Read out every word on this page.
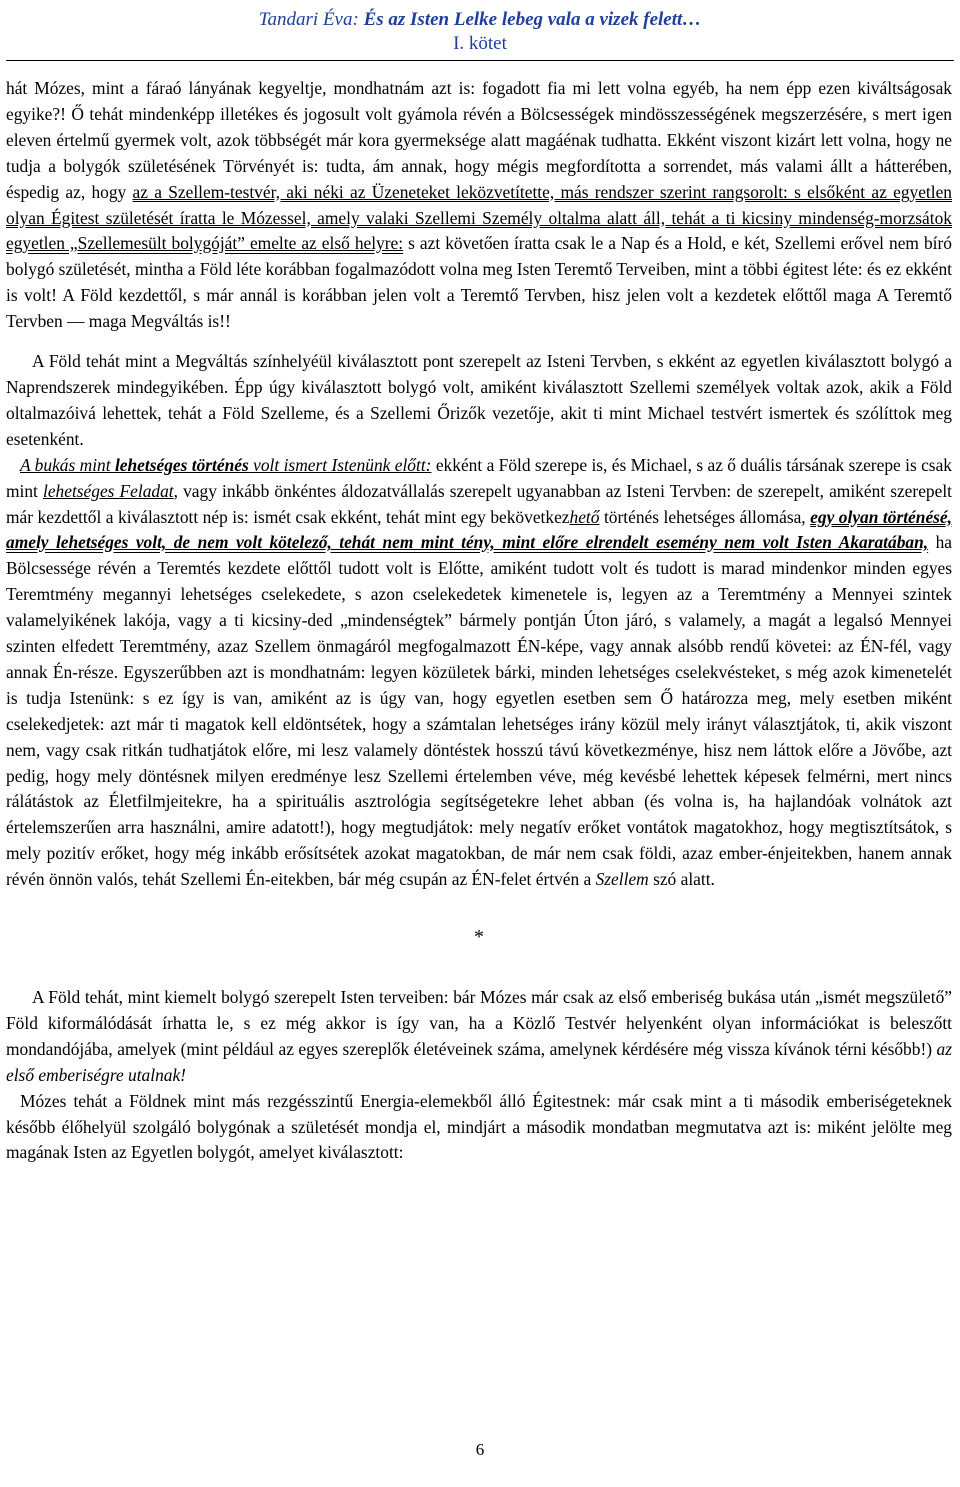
Tandari Éva: És az Isten Lelke lebeg vala a vizek felett…
I. kötet

hát Mózes, mint a fáraó lányának kegyeltje, mondhatnám azt is: fogadott fia mi lett volna egyéb, ha nem épp ezen kiváltságosak egyike?! Ő tehát mindenképp illetékes és jogosult volt gyámola révén a Bölcsességek mindösszességének megszerzésére, s mert igen eleven értelmű gyermek volt, azok többségét már kora gyermeksége alatt magáénak tudhatta. Ekként viszont kizárt lett volna, hogy ne tudja a bolygók születésének Törvényét is: tudta, ám annak, hogy mégis megfordította a sorrendet, más valami állt a hátterében, éspedig az, hogy az a Szellem-testvér, aki néki az Üzeneteket leközvetítette, más rendszer szerint rangsorolt: s elsőként az egyetlen olyan Égitest születését íratta le Mózessel, amely valaki Szellemi Személy oltalma alatt áll, tehát a ti kicsiny mindenség-morzsátok egyetlen „Szellemesült bolygóját” emelte az első helyre: s azt követően íratta csak le a Nap és a Hold, e két, Szellemi erővel nem bíró bolygó születését, mintha a Föld léte korábban fogalmazódott volna meg Isten Teremtő Terveiben, mint a többi égitest léte: és ez ekként is volt! A Föld kezdettől, s már annál is korábban jelen volt a Teremtő Tervben, hisz jelen volt a kezdetek előttől maga A Teremtő Tervben — maga Megváltás is!!

A Föld tehát mint a Megváltás színhelyéül kiválasztott pont szerepelt az Isteni Tervben, s ekként az egyetlen kiválasztott bolygó a Naprendszerek mindegyikében. Épp úgy kiválasztott bolygó volt, amiként kiválasztott Szellemi személyek voltak azok, akik a Föld oltalmazóivá lehettek, tehát a Föld Szelleme, és a Szellemi Őrizők vezetője, akit ti mint Michael testvért ismertek és szólíttok meg esetenként.

A bukás mint lehetséges történés volt ismert Istenünk előtt: ekként a Föld szerepe is, és Michael, s az ő duális társának szerepe is csak mint lehetséges Feladat, vagy inkább önkéntes áldozatvállalás szerepelt ugyanabban az Isteni Tervben: de szerepelt, amiként szerepelt már kezdettől a kiválasztott nép is: ismét csak ekként, tehát mint egy bekövetkezhető történés lehetséges állomása, egy olyan történésé, amely lehetséges volt, de nem volt kötelező, tehát nem mint tény, mint előre elrendelt esemény nem volt Isten Akaratában, ha Bölcsessége révén a Teremtés kezdete előttől tudott volt is Előtte, amiként tudott volt és tudott is marad mindenkor minden egyes Teremtmény megannyi lehetséges cselekedete, s azon cselekedetek kimenetele is, legyen az a Teremtmény a Mennyei szintek valamelyikének lakója, vagy a ti kicsiny-ded „mindenségtek” bármely pontján Úton járó, s valamely, a magát a legalsó Mennyei szinten elfedett Teremtmény, azaz Szellem önmagáról megfogalmazott ÉN-képe, vagy annak alsóbb rendű követei: az ÉN-fél, vagy annak Én-része. Egyszerűbben azt is mondhatnám: legyen közületek bárki, minden lehetséges cselekvésteket, s még azok kimenetelét is tudja Istenünk: s ez így is van, amiként az is úgy van, hogy egyetlen esetben sem Ő határozza meg, mely esetben miként cselekedjetek: azt már ti magatok kell eldöntsétek, hogy a számtalan lehetséges irány közül mely irányt választjátok, ti, akik viszont nem, vagy csak ritkán tudhatjátok előre, mi lesz valamely döntéstek hosszú távú következménye, hisz nem láttok előre a Jövőbe, azt pedig, hogy mely döntésnek milyen eredménye lesz Szellemi értelemben véve, még kevésbé lehettek képesek felmérni, mert nincs rálátástok az Életfilmjeitekre, ha a spirituális asztrológia segítségetekre lehet abban (és volna is, ha hajlandóak volnátok azt értelemszerűen arra használni, amire adatott!), hogy megtudjátok: mely negatív erőket vontátok magatokhoz, hogy megtisztítsátok, s mely pozitív erőket, hogy még inkább erősítsétek azokat magatokban, de már nem csak földi, azaz ember-énjeitekben, hanem annak révén önnön valós, tehát Szellemi Én-eitekben, bár még csupán az ÉN-felet értvén a Szellem szó alatt.

*

A Föld tehát, mint kiemelt bolygó szerepelt Isten terveiben: bár Mózes már csak az első emberiség bukása után „ismét megszülető” Föld kiformálódását írhatta le, s ez még akkor is így van, ha a Közlő Testvér helyenként olyan információkat is beleszőtt mondandójába, amelyek (mint például az egyes szereplők életéveinek száma, amelynek kérdésére még vissza kívánok térni később!) az első emberiségre utalnak!

Mózes tehát a Földnek mint más rezgésszintű Energia-elemekből álló Égitestnek: már csak mint a ti második emberiségeteknek később élőhelyül szolgáló bolygónak a születését mondja el, mindjárt a második mondatban megmutatva azt is: miként jelölte meg magának Isten az Egyetlen bolygót, amelyet kiválasztott:

6
